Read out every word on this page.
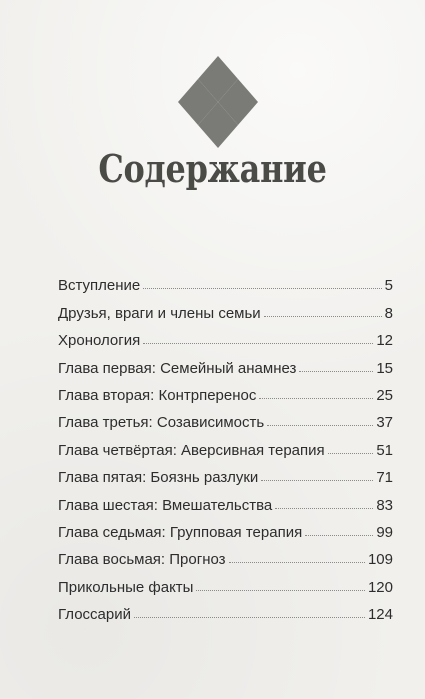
Содержание
Вступление	5
Друзья, враги и члены семьи	8
Хронология	12
Глава первая: Семейный анамнез	15
Глава вторая: Контрперенос	25
Глава третья: Созависимость	37
Глава четвёртая: Аверсивная терапия	51
Глава пятая: Боязнь разлуки	71
Глава шестая: Вмешательства	83
Глава седьмая: Групповая терапия	99
Глава восьмая: Прогноз	109
Прикольные факты	120
Глоссарий	124
